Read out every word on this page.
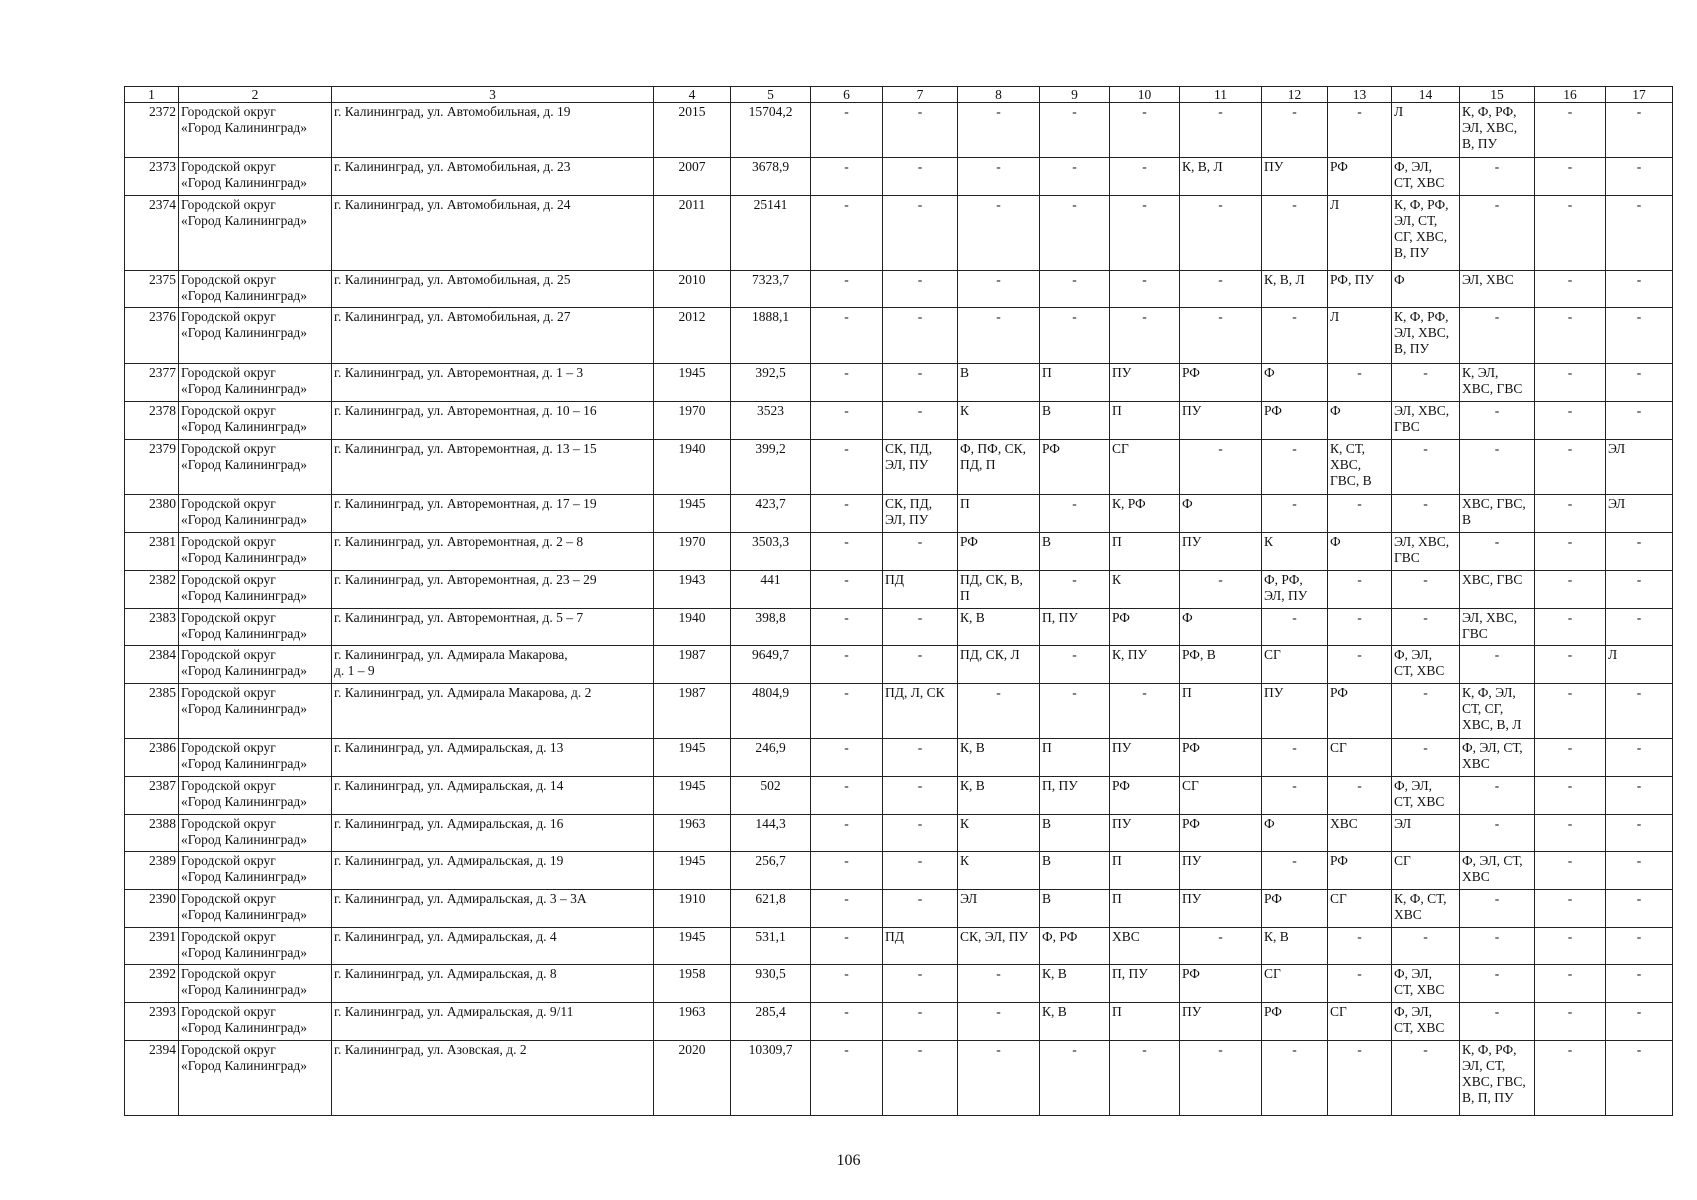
1	2	3	4	5	6	7	8	9	10	11	12	13	14	15	16	17
2372	Городской округ
«Город Калининград»	г. Калининград, ул. Автомобильная, д. 19	2015	15704,2	-	-	-	-	-	-	-	-	Л	К, Ф, РФ,
ЭЛ, ХВС,
В, ПУ	-	-
2373	Городской округ
«Город Калининград»	г. Калининград, ул. Автомобильная, д. 23	2007	3678,9	-	-	-	-	-	К, В, Л	ПУ	РФ	Ф, ЭЛ,
СТ, ХВС	-	-	-
2374	Городской округ
«Город Калининград»	г. Калининград, ул. Автомобильная, д. 24	2011	25141	-	-	-	-	-	-	-	Л	К, Ф, РФ,
ЭЛ, СТ,
СГ, ХВС,
В, ПУ	-	-	-
2375	Городской округ
«Город Калининград»	г. Калининград, ул. Автомобильная, д. 25	2010	7323,7	-	-	-	-	-	-	К, В, Л	РФ, ПУ	Ф	ЭЛ, ХВС	-	-
2376	Городской округ
«Город Калининград»	г. Калининград, ул. Автомобильная, д. 27	2012	1888,1	-	-	-	-	-	-	-	Л	К, Ф, РФ,
ЭЛ, ХВС,
В, ПУ	-	-	-
2377	Городской округ
«Город Калининград»	г. Калининград, ул. Авторемонтная, д. 1 – 3	1945	392,5	-	-	В	П	ПУ	РФ	Ф	-	-	К, ЭЛ,
ХВС, ГВС	-	-
2378	Городской округ
«Город Калининград»	г. Калининград, ул. Авторемонтная, д. 10 – 16	1970	3523	-	-	К	В	П	ПУ	РФ	Ф	ЭЛ, ХВС,
ГВС	-	-	-
2379	Городской округ
«Город Калининград»	г. Калининград, ул. Авторемонтная, д. 13 – 15	1940	399,2	-	СК, ПД,
ЭЛ, ПУ	Ф, ПФ, СК,
ПД, П	РФ	СГ	-	-	К, СТ,
ХВС,
ГВС, В	-	-	-	ЭЛ
2380	Городской округ
«Город Калининград»	г. Калининград, ул. Авторемонтная, д. 17 – 19	1945	423,7	-	СК, ПД,
ЭЛ, ПУ	П	-	К, РФ	Ф	-	-	-	ХВС, ГВС,
В	-	ЭЛ
2381	Городской округ
«Город Калининград»	г. Калининград, ул. Авторемонтная, д. 2 – 8	1970	3503,3	-	-	РФ	В	П	ПУ	К	Ф	ЭЛ, ХВС,
ГВС	-	-	-
2382	Городской округ
«Город Калининград»	г. Калининград, ул. Авторемонтная, д. 23 – 29	1943	441	-	ПД	ПД, СК, В,
П	-	К	-	Ф, РФ,
ЭЛ, ПУ	-	-	ХВС, ГВС	-	-
2383	Городской округ
«Город Калининград»	г. Калининград, ул. Авторемонтная, д. 5 – 7	1940	398,8	-	-	К, В	П, ПУ	РФ	Ф	-	-	-	ЭЛ, ХВС,
ГВС	-	-
2384	Городской округ
«Город Калининград»	г. Калининград, ул. Адмирала Макарова,
д. 1 – 9	1987	9649,7	-	-	ПД, СК, Л	-	К, ПУ	РФ, В	СГ	-	Ф, ЭЛ,
СТ, ХВС	-	-	Л
2385	Городской округ
«Город Калининград»	г. Калининград, ул. Адмирала Макарова, д. 2	1987	4804,9	-	ПД, Л, СК	-	-	-	П	ПУ	РФ	-	К, Ф, ЭЛ,
СТ, СГ,
ХВС, В, Л	-	-
2386	Городской округ
«Город Калининград»	г. Калининград, ул. Адмиральская, д. 13	1945	246,9	-	-	К, В	П	ПУ	РФ	-	СГ	-	Ф, ЭЛ, СТ,
ХВС	-	-
2387	Городской округ
«Город Калининград»	г. Калининград, ул. Адмиральская, д. 14	1945	502	-	-	К, В	П, ПУ	РФ	СГ	-	-	Ф, ЭЛ,
СТ, ХВС	-	-	-
2388	Городской округ
«Город Калининград»	г. Калининград, ул. Адмиральская, д. 16	1963	144,3	-	-	К	В	ПУ	РФ	Ф	ХВС	ЭЛ	-	-	-
2389	Городской округ
«Город Калининград»	г. Калининград, ул. Адмиральская, д. 19	1945	256,7	-	-	К	В	П	ПУ	-	РФ	СГ	Ф, ЭЛ, СТ,
ХВС	-	-
2390	Городской округ
«Город Калининград»	г. Калининград, ул. Адмиральская, д. 3 – 3А	1910	621,8	-	-	ЭЛ	В	П	ПУ	РФ	СГ	К, Ф, СТ,
ХВС	-	-	-
2391	Городской округ
«Город Калининград»	г. Калининград, ул. Адмиральская, д. 4	1945	531,1	-	ПД	СК, ЭЛ, ПУ	Ф, РФ	ХВС	-	К, В	-	-	-	-	-
2392	Городской округ
«Город Калининград»	г. Калининград, ул. Адмиральская, д. 8	1958	930,5	-	-	-	К, В	П, ПУ	РФ	СГ	-	Ф, ЭЛ,
СТ, ХВС	-	-	-
2393	Городской округ
«Город Калининград»	г. Калининград, ул. Адмиральская, д. 9/11	1963	285,4	-	-	-	К, В	П	ПУ	РФ	СГ	Ф, ЭЛ,
СТ, ХВС	-	-	-
2394	Городской округ
«Город Калининград»	г. Калининград, ул. Азовская, д. 2	2020	10309,7	-	-	-	-	-	-	-	-	-	К, Ф, РФ,
ЭЛ, СТ,
ХВС, ГВС,
В, П, ПУ	-	-
106
